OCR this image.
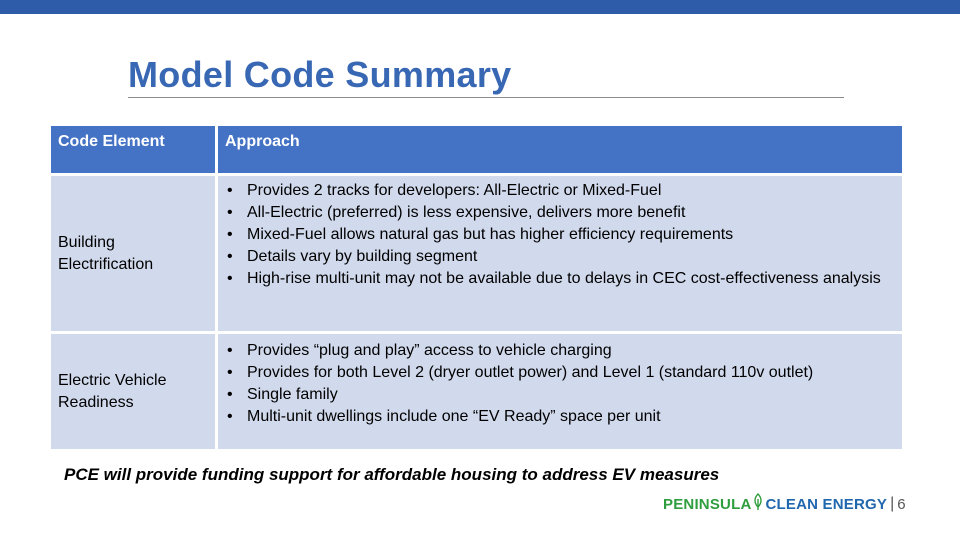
Model Code Summary
Code Element	Approach
Building
Electrification
• Provides 2 tracks for developers: All-Electric or Mixed-Fuel
• All-Electric (preferred) is less expensive, delivers more benefit
• Mixed-Fuel allows natural gas but has higher efficiency requirements
• Details vary by building segment
• High-rise multi-unit may not be available due to delays in CEC cost-effectiveness analysis
Electric Vehicle
Readiness
• Provides “plug and play” access to vehicle charging
• Provides for both Level 2 (dryer outlet power) and Level 1 (standard 110v outlet)
• Single family
• Multi-unit dwellings include one “EV Ready” space per unit
PCE will provide funding support for affordable housing to address EV measures
PENINSULA CLEAN ENERGY | 6
